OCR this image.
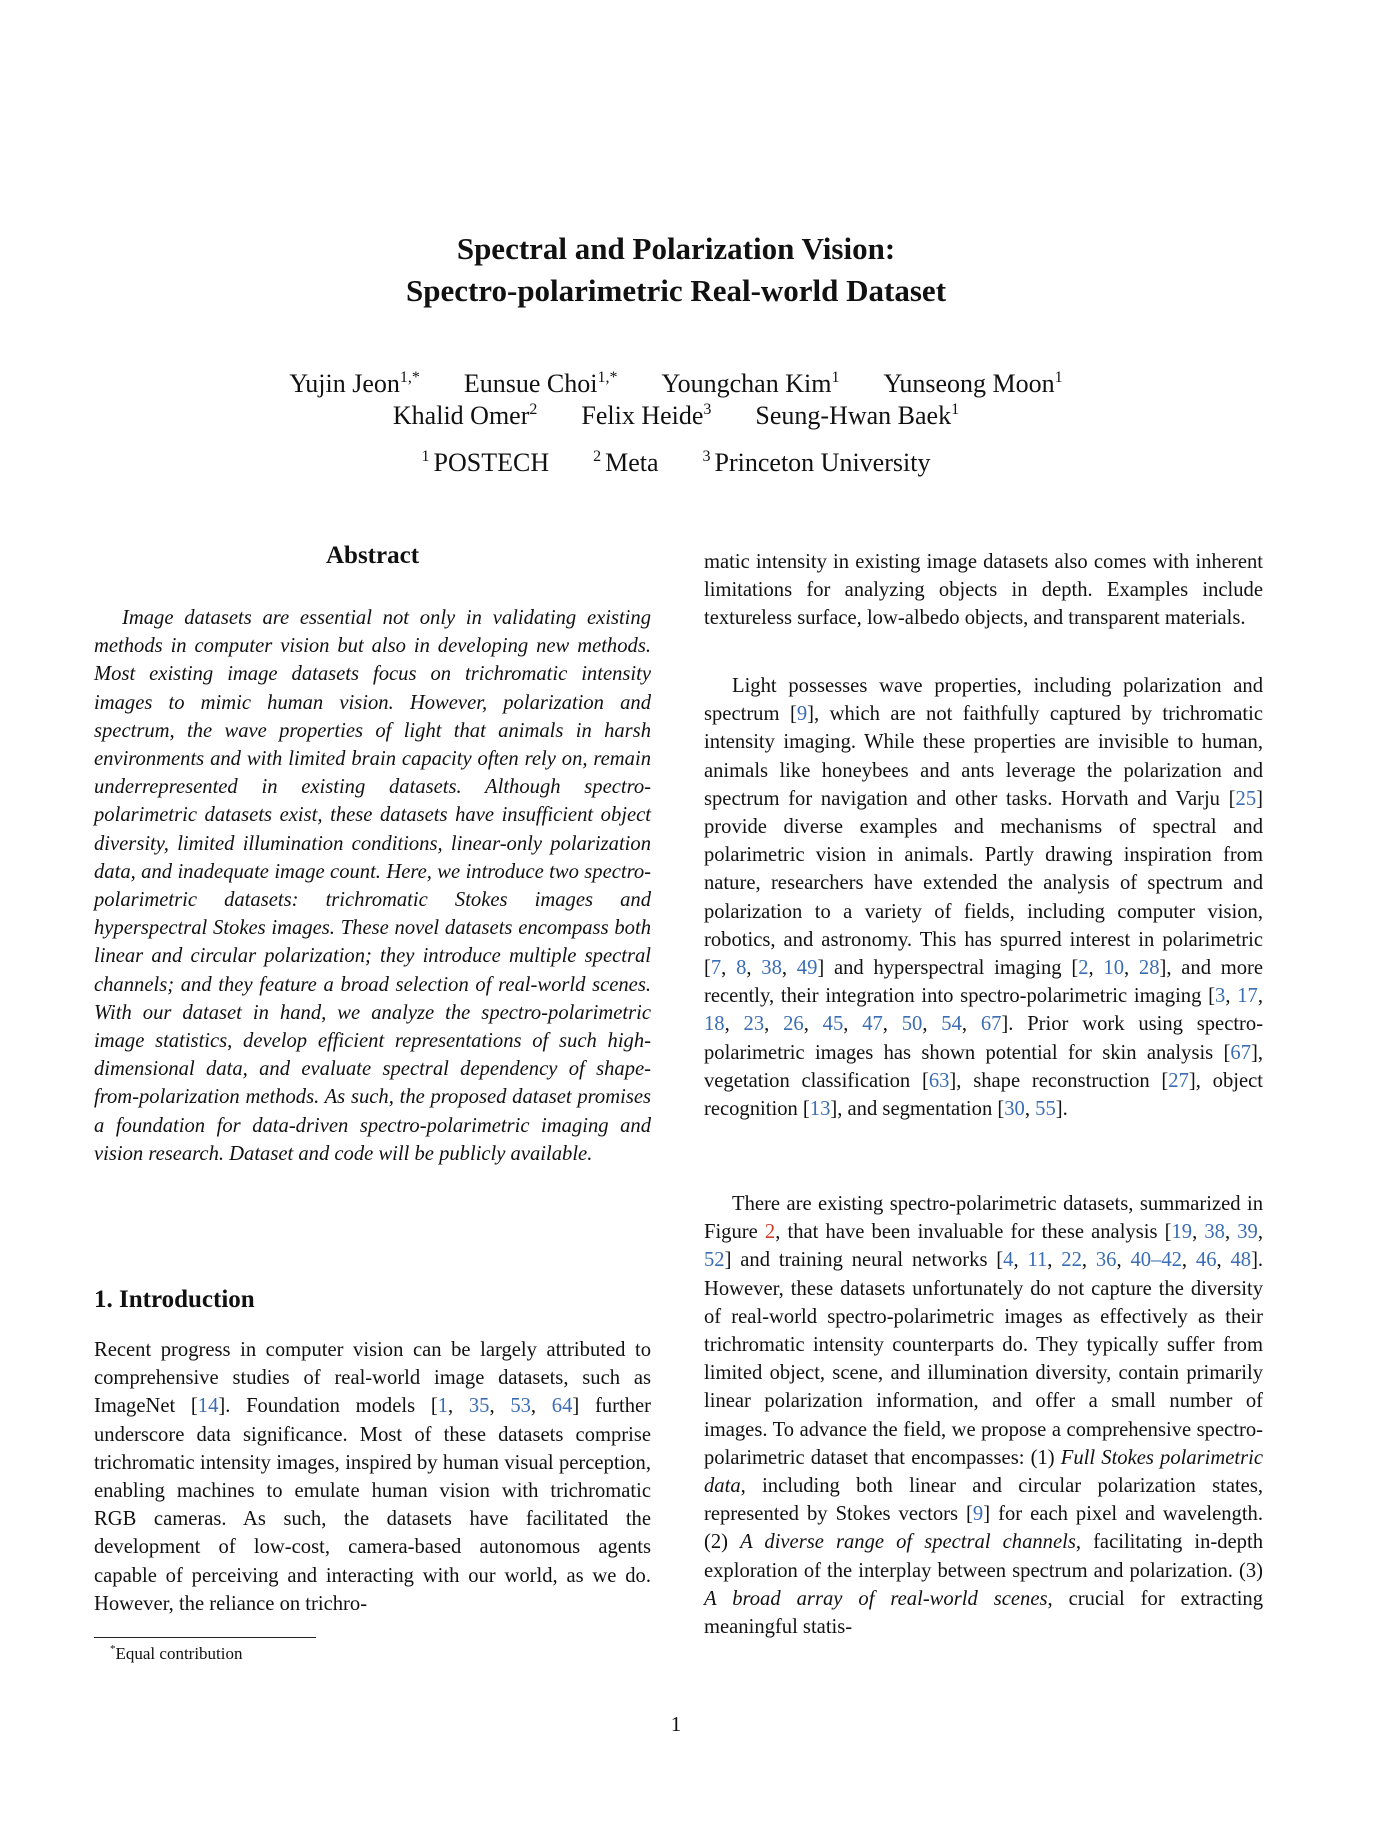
Spectral and Polarization Vision:
Spectro-polarimetric Real-world Dataset
Yujin Jeon$^{1,*}$ Eunsue Choi$^{1,*}$ Youngchan Kim$^1$ Yunseong Moon$^1$
Khalid Omer$^2$ Felix Heide$^3$ Seung-Hwan Baek$^1$
$^1$ POSTECH	$^2$ Meta	$^3$ Princeton University
Abstract
Image datasets are essential not only in validating existing methods in computer vision but also in developing new methods. Most existing image datasets focus on trichromatic intensity images to mimic human vision. However, polarization and spectrum, the wave properties of light that animals in harsh environments and with limited brain capacity often rely on, remain underrepresented in existing datasets. Although spectro-polarimetric datasets exist, these datasets have insufficient object diversity, limited illumination conditions, linear-only polarization data, and inadequate image count. Here, we introduce two spectro-polarimetric datasets: trichromatic Stokes images and hyperspectral Stokes images. These novel datasets encompass both linear and circular polarization; they introduce multiple spectral channels; and they feature a broad selection of real-world scenes. With our dataset in hand, we analyze the spectro-polarimetric image statistics, develop efficient representations of such high-dimensional data, and evaluate spectral dependency of shape-from-polarization methods. As such, the proposed dataset promises a foundation for data-driven spectro-polarimetric imaging and vision research. Dataset and code will be publicly available.
1. Introduction
Recent progress in computer vision can be largely attributed to comprehensive studies of real-world image datasets, such as ImageNet [14]. Foundation models [1, 35, 53, 64] further underscore data significance. Most of these datasets comprise trichromatic intensity images, inspired by human visual perception, enabling machines to emulate human vision with trichromatic RGB cameras. As such, the datasets have facilitated the development of low-cost, camera-based autonomous agents capable of perceiving and interacting with our world, as we do. However, the reliance on trichro-
*Equal contribution
matic intensity in existing image datasets also comes with inherent limitations for analyzing objects in depth. Examples include textureless surface, low-albedo objects, and transparent materials.
Light possesses wave properties, including polarization and spectrum [9], which are not faithfully captured by trichromatic intensity imaging. While these properties are invisible to human, animals like honeybees and ants leverage the polarization and spectrum for navigation and other tasks. Horvath and Varju [25] provide diverse examples and mechanisms of spectral and polarimetric vision in animals. Partly drawing inspiration from nature, researchers have extended the analysis of spectrum and polarization to a variety of fields, including computer vision, robotics, and astronomy. This has spurred interest in polarimetric [7, 8, 38, 49] and hyperspectral imaging [2, 10, 28], and more recently, their integration into spectro-polarimetric imaging [3, 17, 18, 23, 26, 45, 47, 50, 54, 67]. Prior work using spectro-polarimetric images has shown potential for skin analysis [67], vegetation classification [63], shape reconstruction [27], object recognition [13], and segmentation [30, 55].
There are existing spectro-polarimetric datasets, summarized in Figure 2, that have been invaluable for these analysis [19, 38, 39, 52] and training neural networks [4, 11, 22, 36, 40–42, 46, 48]. However, these datasets unfortunately do not capture the diversity of real-world spectro-polarimetric images as effectively as their trichromatic intensity counterparts do. They typically suffer from limited object, scene, and illumination diversity, contain primarily linear polarization information, and offer a small number of images. To advance the field, we propose a comprehensive spectro-polarimetric dataset that encompasses: (1) Full Stokes polarimetric data, including both linear and circular polarization states, represented by Stokes vectors [9] for each pixel and wavelength. (2) A diverse range of spectral channels, facilitating in-depth exploration of the interplay between spectrum and polarization. (3) A broad array of real-world scenes, crucial for extracting meaningful statis-
1
